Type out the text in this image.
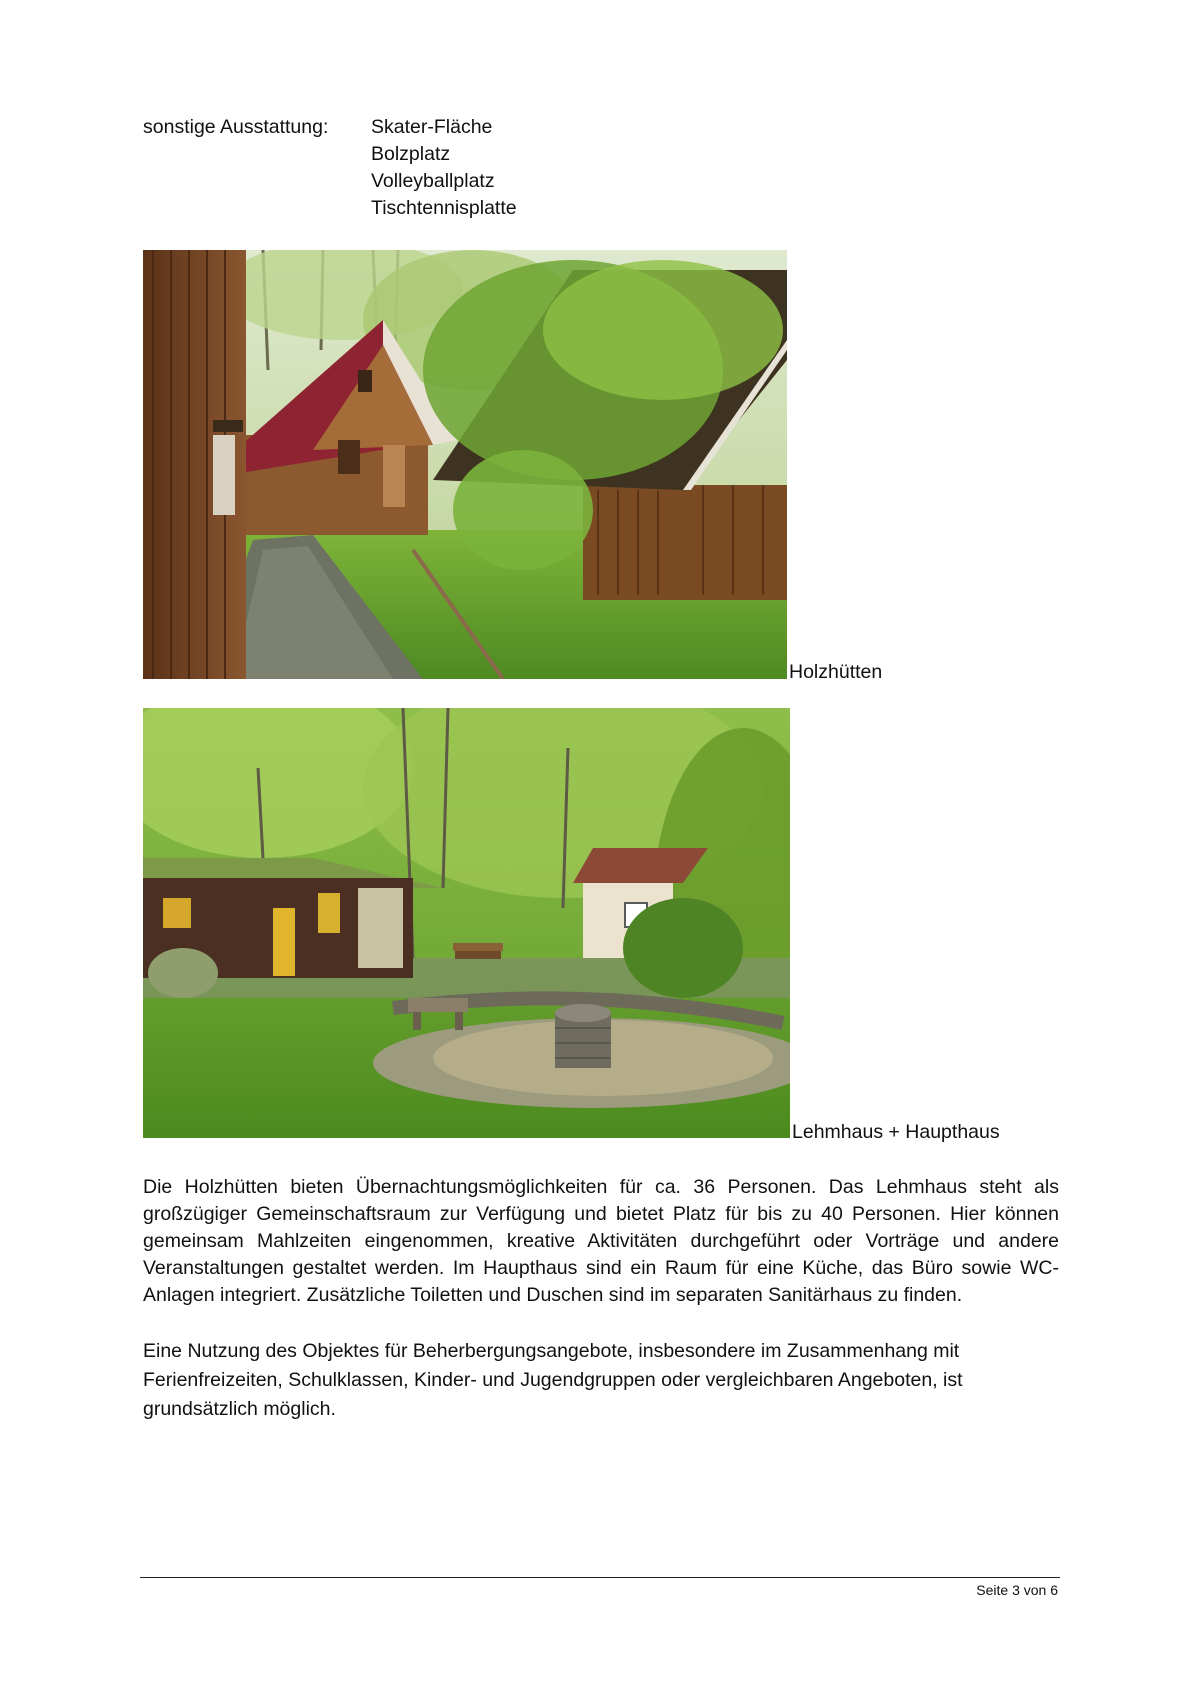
sonstige Ausstattung: Skater-Fläche
Bolzplatz
Volleyballplatz
Tischtennisplatte
Holzhütten
Lehmhaus + Haupthaus

Die Holzhütten bieten Übernachtungsmöglichkeiten für ca. 36 Personen. Das Lehmhaus steht als großzügiger Gemeinschaftsraum zur Verfügung und bietet Platz für bis zu 40 Personen. Hier können gemeinsam Mahlzeiten eingenommen, kreative Aktivitäten durchgeführt oder Vorträge und andere Veranstaltungen gestaltet werden. Im Haupthaus sind ein Raum für eine Küche, das Büro sowie WC-Anlagen integriert. Zusätzliche Toiletten und Duschen sind im separaten Sanitärhaus zu finden.

Eine Nutzung des Objektes für Beherbergungsangebote, insbesondere im Zusammenhang mit Ferienfreizeiten, Schulklassen, Kinder- und Jugendgruppen oder vergleichbaren Angeboten, ist grundsätzlich möglich.

Seite 3 von 6
